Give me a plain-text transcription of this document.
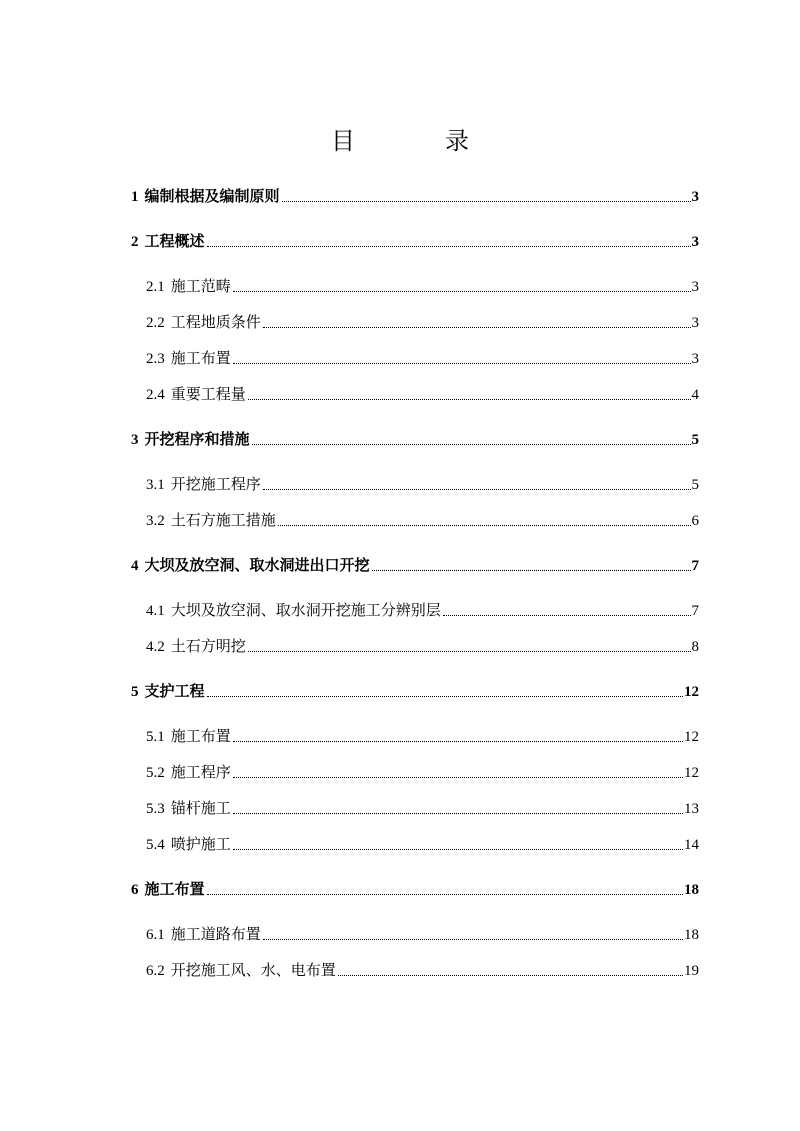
目 录
1 编制根据及编制原则	3
2 工程概述	3
2.1 施工范畴	3
2.2 工程地质条件	3
2.3 施工布置	3
2.4 重要工程量	4
3 开挖程序和措施	5
3.1 开挖施工程序	5
3.2 土石方施工措施	6
4 大坝及放空洞、取水洞进出口开挖	7
4.1 大坝及放空洞、取水洞开挖施工分辨别层	7
4.2 土石方明挖	8
5 支护工程	12
5.1 施工布置	12
5.2 施工程序	12
5.3 锚杆施工	13
5.4 喷护施工	14
6 施工布置	18
6.1 施工道路布置	18
6.2 开挖施工风、水、电布置	19
